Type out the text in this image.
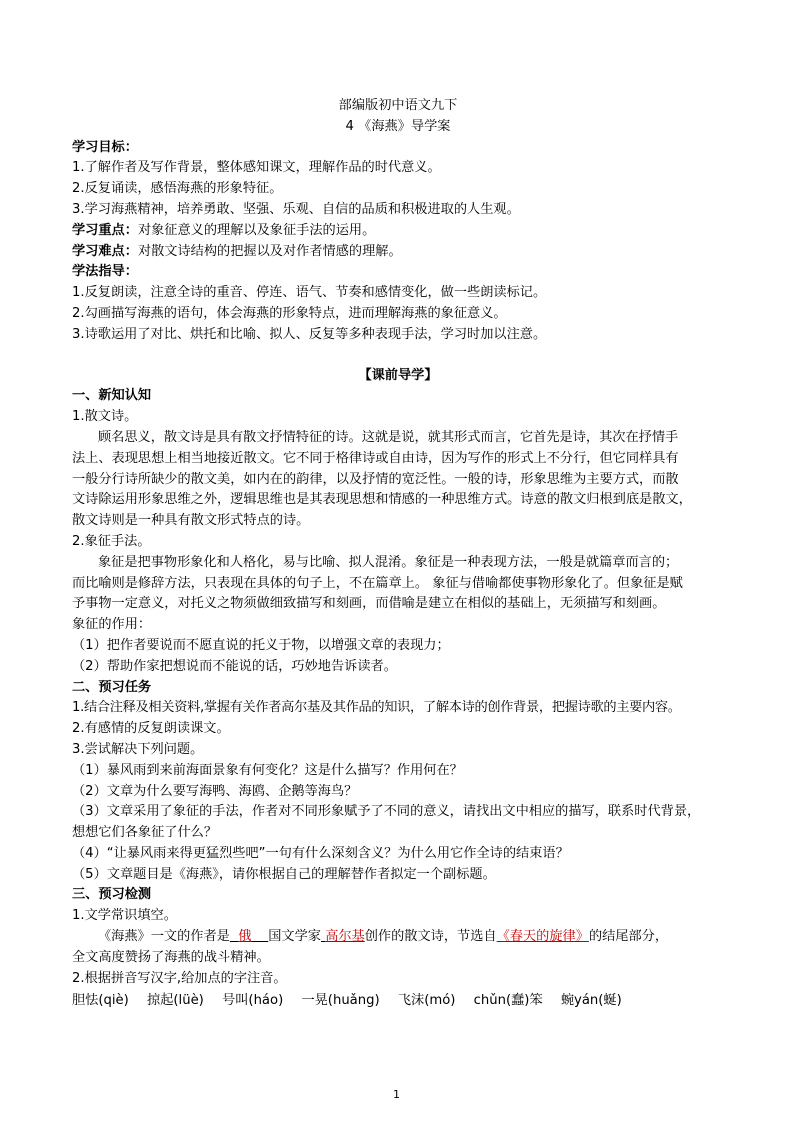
部编版初中语文九下
4 《海燕》导学案
学习目标：
1.了解作者及写作背景，整体感知课文，理解作品的时代意义。
2.反复诵读，感悟海燕的形象特征。
3.学习海燕精神，培养勇敢、坚强、乐观、自信的品质和积极进取的人生观。
学习重点：对象征意义的理解以及象征手法的运用。
学习难点：对散文诗结构的把握以及对作者情感的理解。
学法指导：
1.反复朗读，注意全诗的重音、停连、语气、节奏和感情变化，做一些朗读标记。
2.勾画描写海燕的语句，体会海燕的形象特点，进而理解海燕的象征意义。
3.诗歌运用了对比、烘托和比喻、拟人、反复等多种表现手法，学习时加以注意。
【课前导学】
一、新知认知
1.散文诗。
顾名思义，散文诗是具有散文抒情特征的诗。这就是说，就其形式而言，它首先是诗，其次在抒情手
法上、表现思想上相当地接近散文。它不同于格律诗或自由诗，因为写作的形式上不分行，但它同样具有
一般分行诗所缺少的散文美，如内在的韵律，以及抒情的宽泛性。一般的诗，形象思维为主要方式，而散
文诗除运用形象思维之外，逻辑思维也是其表现思想和情感的一种思维方式。诗意的散文归根到底是散文，
散文诗则是一种具有散文形式特点的诗。
2.象征手法。
象征是把事物形象化和人格化，易与比喻、拟人混淆。象征是一种表现方法，一般是就篇章而言的；
而比喻则是修辞方法，只表现在具体的句子上，不在篇章上。 象征与借喻都使事物形象化了。但象征是赋
予事物一定意义，对托义之物须做细致描写和刻画，而借喻是建立在相似的基础上，无须描写和刻画。
象征的作用：
（1）把作者要说而不愿直说的托义于物，以增强文章的表现力；
（2）帮助作家把想说而不能说的话，巧妙地告诉读者。
二、预习任务
1.结合注释及相关资料,掌握有关作者高尔基及其作品的知识，了解本诗的创作背景，把握诗歌的主要内容。
2.有感情的反复朗读课文。
3.尝试解决下列问题。
（1）暴风雨到来前海面景象有何变化？这是什么描写？作用何在？
（2）文章为什么要写海鸭、海鸥、企鹅等海鸟？
（3）文章采用了象征的手法，作者对不同形象赋予了不同的意义，请找出文中相应的描写，联系时代背景，
想想它们各象征了什么？
（4）“让暴风雨来得更猛烈些吧”一句有什么深刻含义？为什么用它作全诗的结束语？
（5）文章题目是《海燕》，请你根据自己的理解替作者拟定一个副标题。
三、预习检测
1.文学常识填空。
《海燕》一文的作者是 俄 国文学家 高尔基创作的散文诗，节选自《春天的旋律》的结尾部分，
全文高度赞扬了海燕的战斗精神。
2.根据拼音写汉字,给加点的字注音。
胆怯(qiè) 掠起(lüè) 号叫(háo) 一晃(huǎng) 飞沫(mó) chǔn(蠢)笨 蜿yán(蜒)
1
